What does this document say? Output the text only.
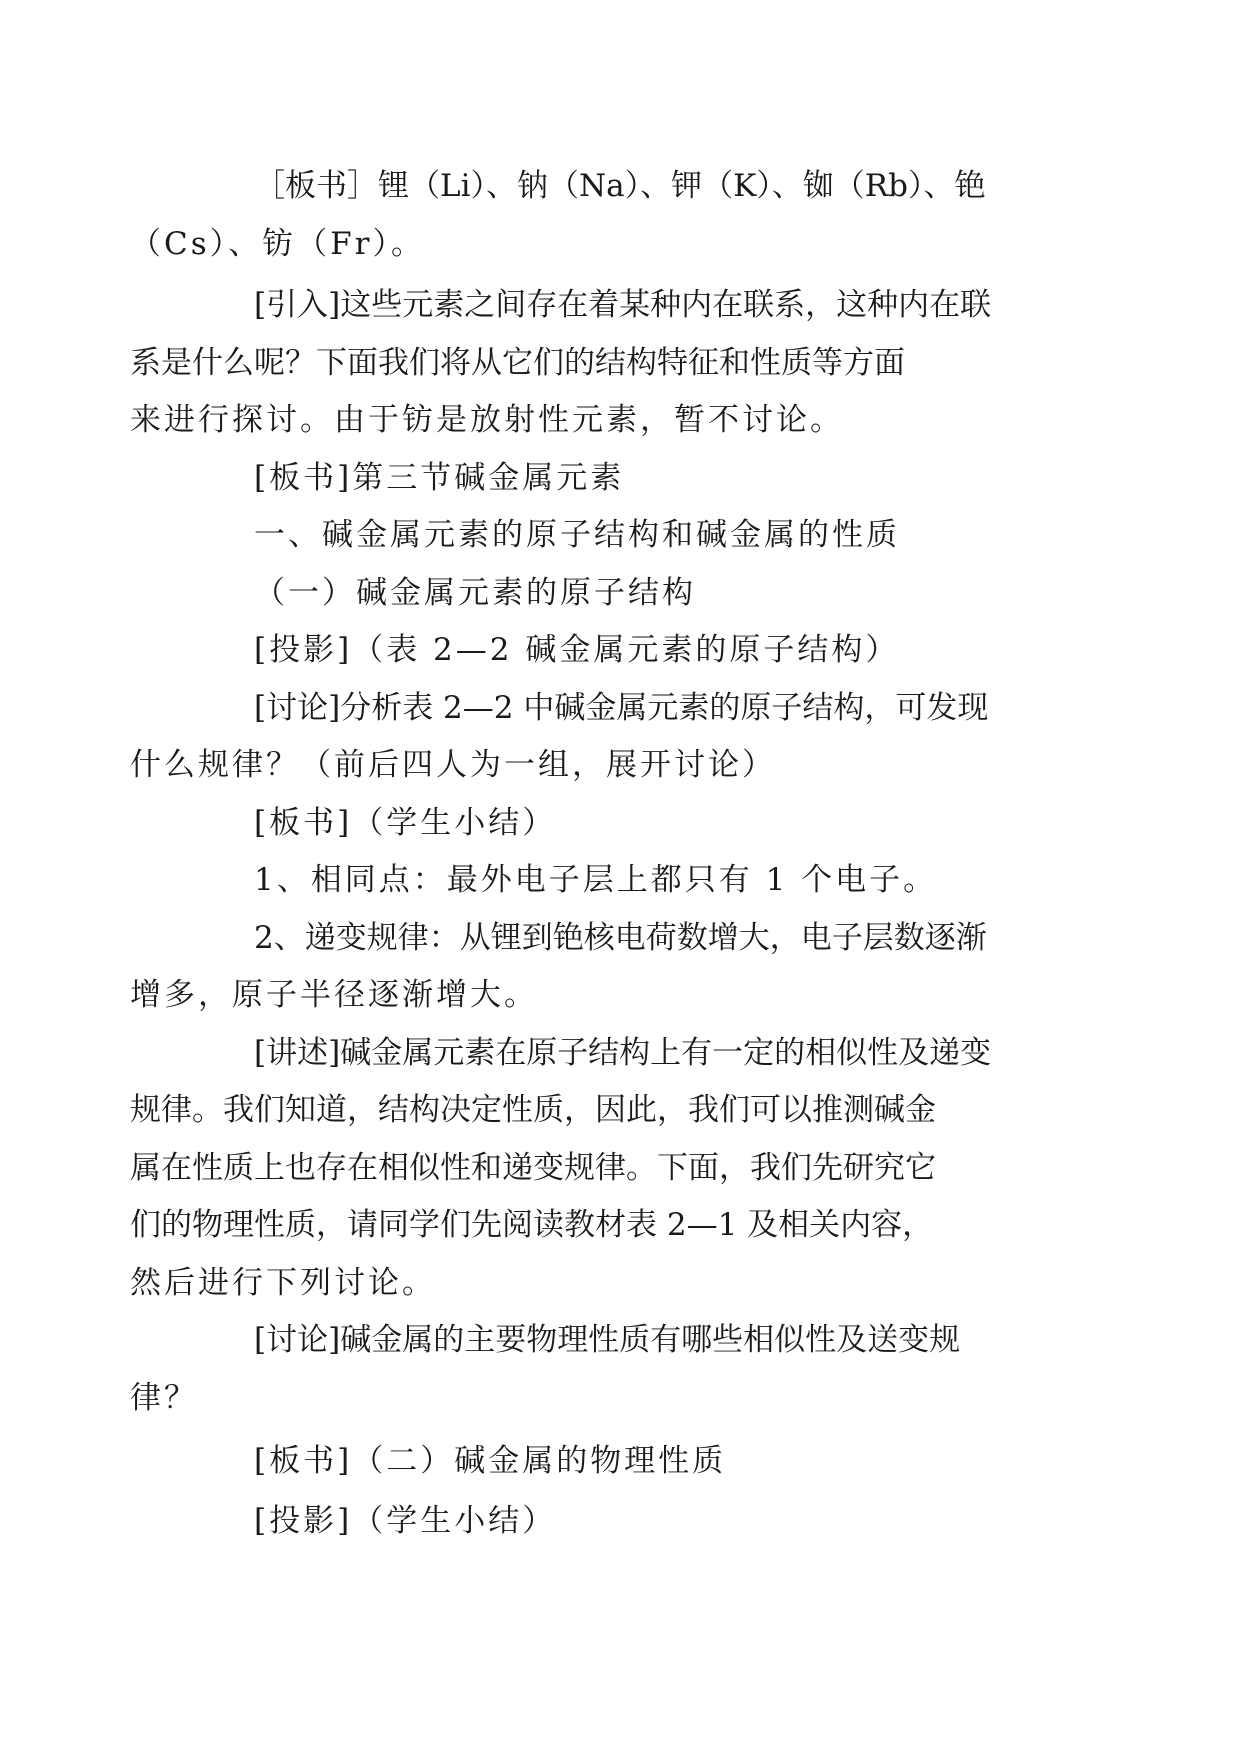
［板书］锂（Li）、钠（Na）、钾（K）、铷（Rb）、铯
（Cs）、钫（Fr）。

[引入]这些元素之间存在着某种内在联系，这种内在联
系是什么呢？下面我们将从它们的结构特征和性质等方面
来进行探讨。由于钫是放射性元素，暂不讨论。

[板书]第三节碱金属元素

一、碱金属元素的原子结构和碱金属的性质

（一）碱金属元素的原子结构

[投影]（表 2—2 碱金属元素的原子结构）

[讨论]分析表 2—2 中碱金属元素的原子结构，可发现
什么规律？（前后四人为一组，展开讨论）

[板书]（学生小结）

1、相同点：最外电子层上都只有 1 个电子。

2、递变规律：从锂到铯核电荷数增大，电子层数逐渐
增多，原子半径逐渐增大。

[讲述]碱金属元素在原子结构上有一定的相似性及递变
规律。我们知道，结构决定性质，因此，我们可以推测碱金
属在性质上也存在相似性和递变规律。下面，我们先研究它
们的物理性质，请同学们先阅读教材表 2—1 及相关内容，
然后进行下列讨论。

[讨论]碱金属的主要物理性质有哪些相似性及送变规
律？

[板书]（二）碱金属的物理性质

[投影]（学生小结）
